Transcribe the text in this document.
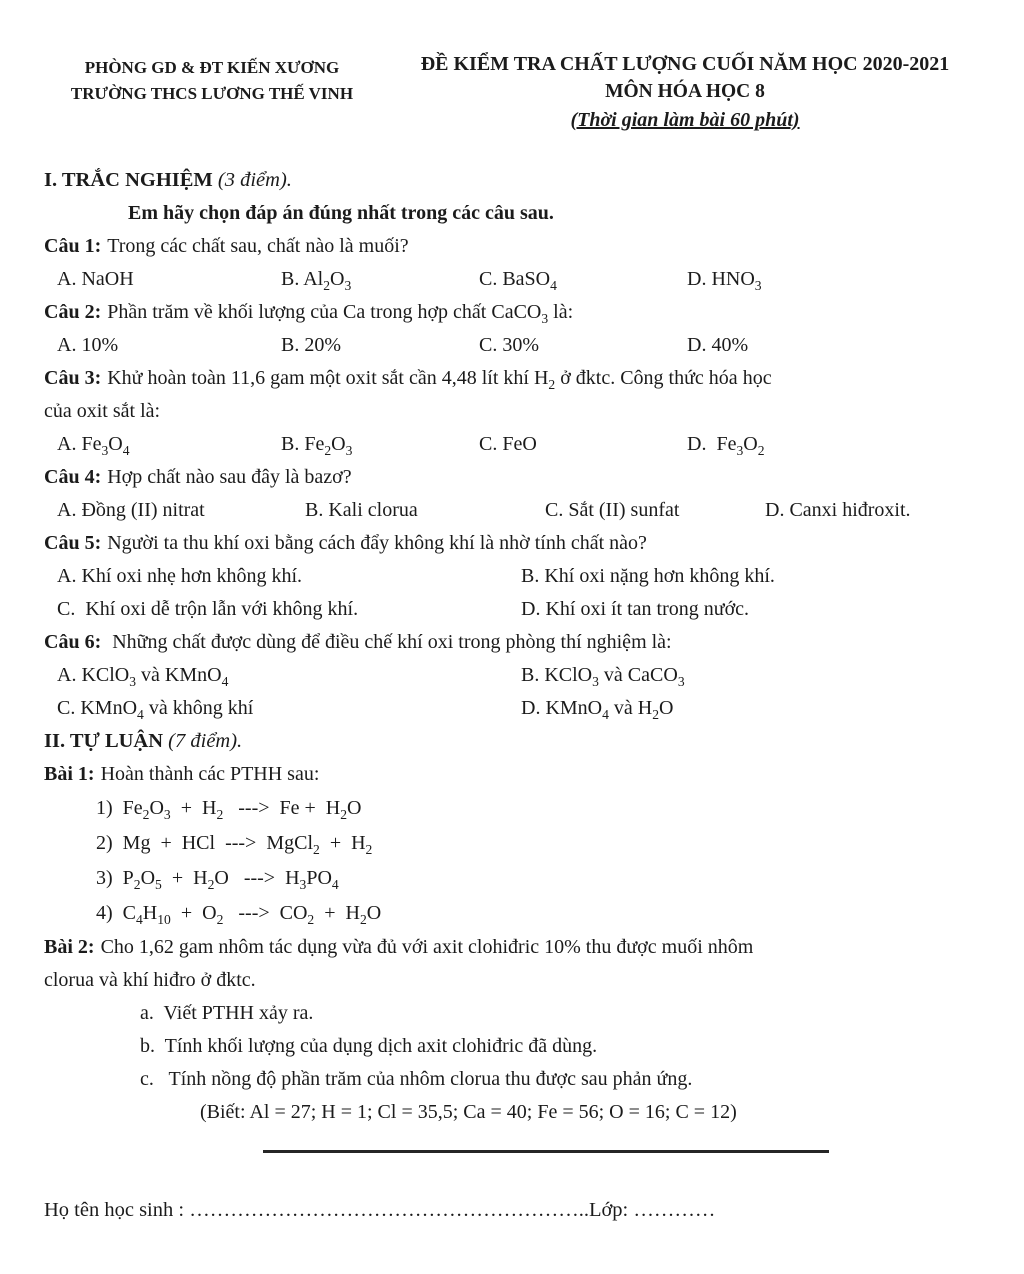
PHÒNG GD & ĐT KIẾN XƯƠNG
TRƯỜNG THCS LƯƠNG THẾ VINH
ĐỀ KIỂM TRA CHẤT LƯỢNG CUỐI NĂM HỌC 2020-2021
MÔN HÓA HỌC 8
(Thời gian làm bài 60 phút)
I. TRẮC NGHIỆM (3 điểm).
Em hãy chọn đáp án đúng nhất trong các câu sau.
Câu 1: Trong các chất sau, chất nào là muối?
A. NaOH	B. $Al_2O_3$	C. BaSO$_4$	D. $HNO_3$
Câu 2: Phần trăm về khối lượng của Ca trong hợp chất CaCO$_3$ là:
A. 10%	B. 20%	C. 30%	D. 40%
Câu 3: Khử hoàn toàn 11,6 gam một oxit sắt cần 4,48 lít khí $H_2$ ở đktc. Công thức hóa học
của oxit sắt là:
A. $Fe_3O_4$	B. $Fe_2O_3$	C. FeO	D.  $Fe_3O_2$
Câu 4: Hợp chất nào sau đây là bazơ?
A. Đồng (II) nitrat	B. Kali clorua	C. Sắt (II) sunfat	D. Canxi hiđroxit.
Câu 5: Người ta thu khí oxi bằng cách đẩy không khí là nhờ tính chất nào?
A. Khí oxi nhẹ hơn không khí.	B. Khí oxi nặng hơn không khí.
C.  Khí oxi dễ trộn lẫn với không khí.	D. Khí oxi ít tan trong nước.
Câu 6: Những chất được dùng để điều chế khí oxi trong phòng thí nghiệm là:
A. KClO$_3$ và KMnO$_4$	B. KClO$_3$ và CaCO$_3$
C. KMnO$_4$ và không khí	D. KMnO$_4$ và $H_2O$
II. TỰ LUẬN (7 điểm).
Bài 1: Hoàn thành các PTHH sau:
1)  $Fe_2O_3 + H_2$   --->  $Fe + H_2O$
2)  Mg  +  HCl  --->  MgCl$_2$  +  $H_2$
3)  $P_2O_5 + H_2O$   --->  $H_3PO_4$
4)  $C_4H_{10} + O_2$   --->  $CO_2 + H_2O$
Bài 2: Cho 1,62 gam nhôm tác dụng vừa đủ với axit clohiđric 10% thu được muối nhôm
clorua và khí hiđro ở đktc.
a.  Viết PTHH xảy ra.
b.  Tính khối lượng của dụng dịch axit clohiđric đã dùng.
c.   Tính nồng độ phần trăm của nhôm clorua thu được sau phản ứng.
(Biết: Al = 27; H = 1; Cl = 35,5; Ca = 40; Fe = 56; O = 16; C = 12)
Họ tên học sinh : …………………………………………………..Lớp: …………
